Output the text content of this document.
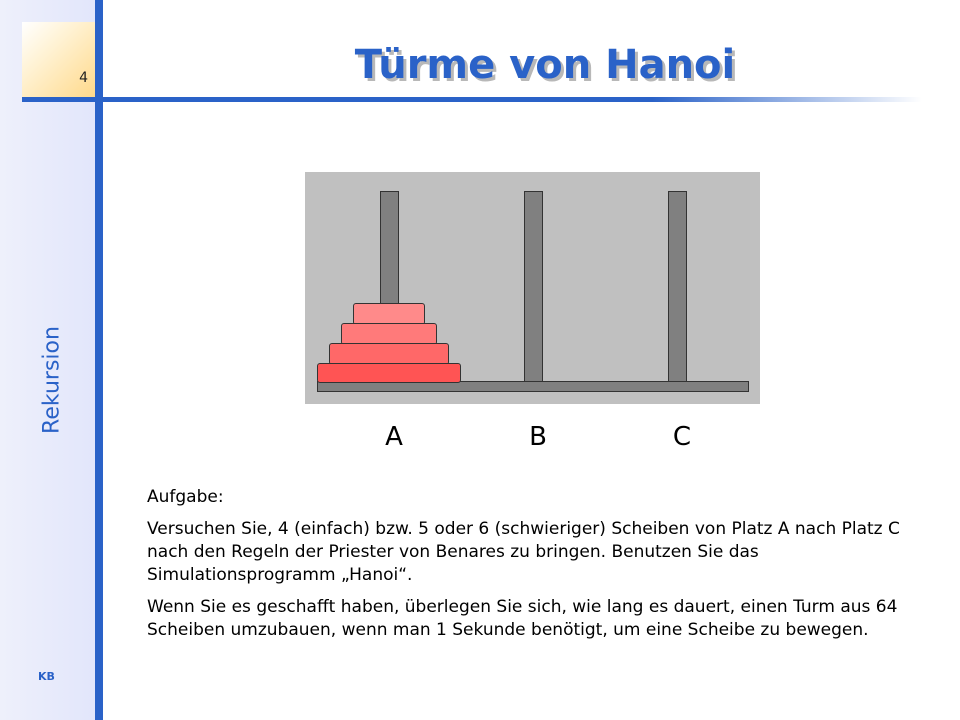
4
Rekursion
KB
Türme von Hanoi
A	B	C

Aufgabe:

Versuchen Sie, 4 (einfach) bzw. 5 oder 6 (schwieriger) Scheiben von Platz A nach Platz C nach den Regeln der Priester von Benares zu bringen. Benutzen Sie das Simulationsprogramm „Hanoi“.

Wenn Sie es geschafft haben, überlegen Sie sich, wie lang es dauert, einen Turm aus 64 Scheiben umzubauen, wenn man 1 Sekunde benötigt, um eine Scheibe zu bewegen.
